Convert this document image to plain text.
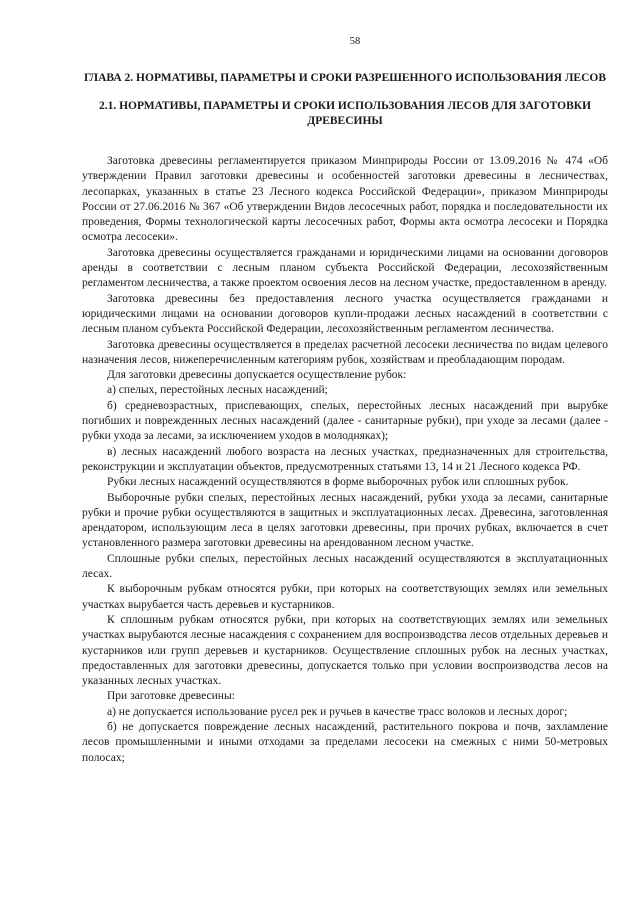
58
ГЛАВА 2. НОРМАТИВЫ, ПАРАМЕТРЫ И СРОКИ РАЗРЕШЕННОГО ИСПОЛЬЗОВАНИЯ ЛЕСОВ
2.1. НОРМАТИВЫ, ПАРАМЕТРЫ И СРОКИ ИСПОЛЬЗОВАНИЯ ЛЕСОВ ДЛЯ ЗАГОТОВКИ ДРЕВЕСИНЫ

Заготовка древесины регламентируется приказом Минприроды России от 13.09.2016 № 474 «Об утверждении Правил заготовки древесины и особенностей заготовки древесины в лесничествах, лесопарках, указанных в статье 23 Лесного кодекса Российской Федерации», приказом Минприроды России от 27.06.2016 № 367 «Об утверждении Видов лесосечных работ, порядка и последовательности их проведения, Формы технологической карты лесосечных работ, Формы акта осмотра лесосеки и Порядка осмотра лесосеки».

Заготовка древесины осуществляется гражданами и юридическими лицами на основании договоров аренды в соответствии с лесным планом субъекта Российской Федерации, лесохозяйственным регламентом лесничества, а также проектом освоения лесов на лесном участке, предоставленном в аренду.

Заготовка древесины без предоставления лесного участка осуществляется гражданами и юридическими лицами на основании договоров купли-продажи лесных насаждений в соответствии с лесным планом субъекта Российской Федерации, лесохозяйственным регламентом лесничества.

Заготовка древесины осуществляется в пределах расчетной лесосеки лесничества по видам целевого назначения лесов, нижеперечисленным категориям рубок, хозяйствам и преобладающим породам.

Для заготовки древесины допускается осуществление рубок:

а) спелых, перестойных лесных насаждений;

б) средневозрастных, приспевающих, спелых, перестойных лесных насаждений при вырубке погибших и поврежденных лесных насаждений (далее - санитарные рубки), при уходе за лесами (далее - рубки ухода за лесами, за исключением уходов в молодняках);

в) лесных насаждений любого возраста на лесных участках, предназначенных для строительства, реконструкции и эксплуатации объектов, предусмотренных статьями 13, 14 и 21 Лесного кодекса РФ.

Рубки лесных насаждений осуществляются в форме выборочных рубок или сплошных рубок.

Выборочные рубки спелых, перестойных лесных насаждений, рубки ухода за лесами, санитарные рубки и прочие рубки осуществляются в защитных и эксплуатационных лесах. Древесина, заготовленная арендатором, использующим леса в целях заготовки древесины, при прочих рубках, включается в счет установленного размера заготовки древесины на арендованном лесном участке.

Сплошные рубки спелых, перестойных лесных насаждений осуществляются в эксплуатационных лесах.

К выборочным рубкам относятся рубки, при которых на соответствующих землях или земельных участках вырубается часть деревьев и кустарников.

К сплошным рубкам относятся рубки, при которых на соответствующих землях или земельных участках вырубаются лесные насаждения с сохранением для воспроизводства лесов отдельных деревьев и кустарников или групп деревьев и кустарников. Осуществление сплошных рубок на лесных участках, предоставленных для заготовки древесины, допускается только при условии воспроизводства лесов на указанных лесных участках.

При заготовке древесины:

а) не допускается использование русел рек и ручьев в качестве трасс волоков и лесных дорог;

б) не допускается повреждение лесных насаждений, растительного покрова и почв, захламление лесов промышленными и иными отходами за пределами лесосеки на смежных с ними 50-метровых полосах;
